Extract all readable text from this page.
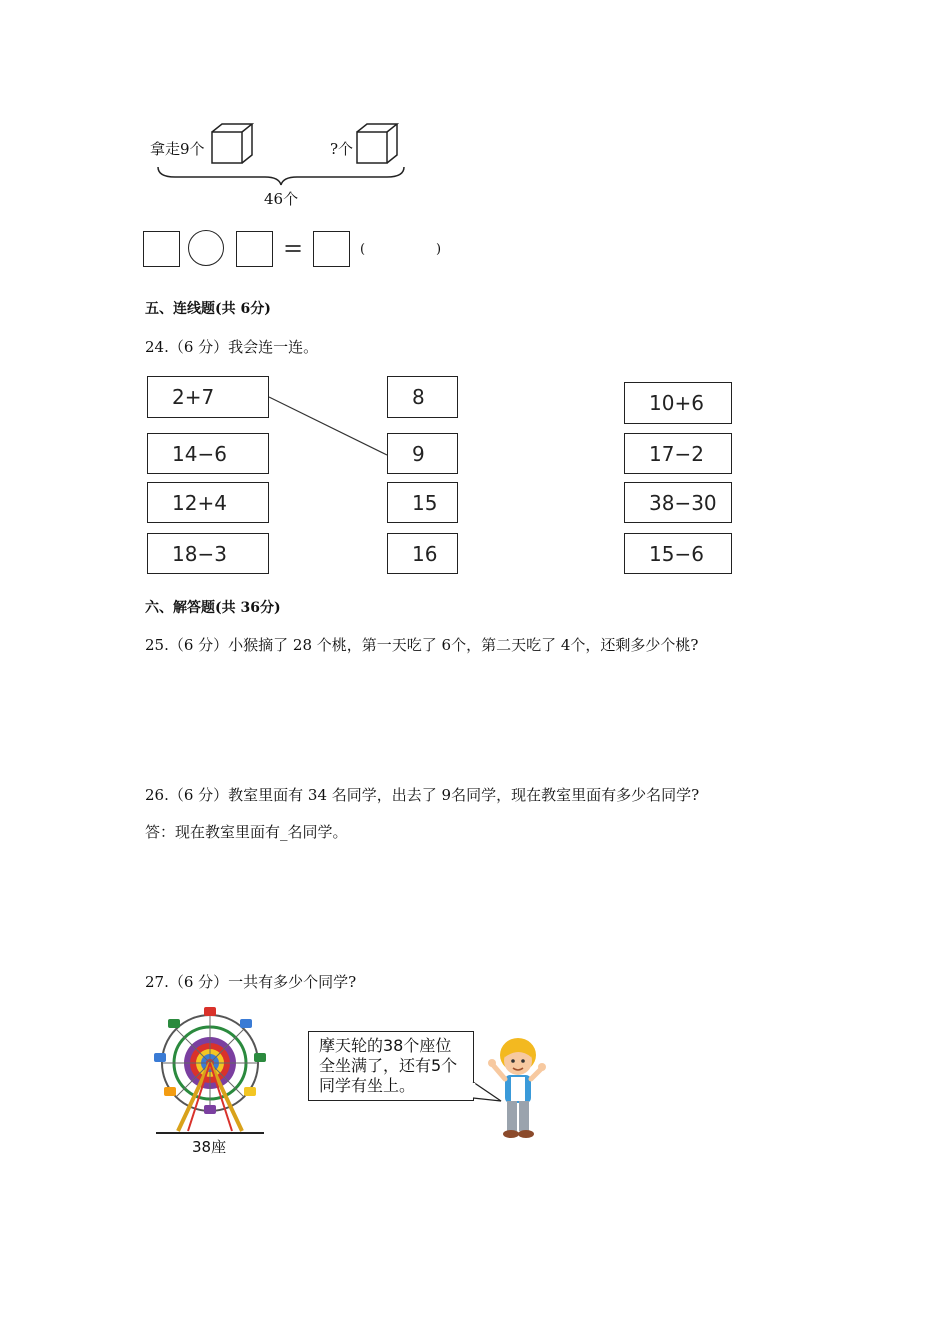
拿走9个	?个
46个
=	(	)
五、连线题(共 6分)
24.（6 分）我会连一连。
2+7
14−6
12+4
18−3
8
9
15
16
10+6
17−2
38−30
15−6
六、解答题(共 36分)
25.（6 分）小猴摘了 28 个桃，第一天吃了 6个，第二天吃了 4个，还剩多少个桃?
26.（6 分）教室里面有 34 名同学，出去了 9名同学，现在教室里面有多少名同学?
答：现在教室里面有_名同学。
27.（6 分）一共有多少个同学?
38座
摩天轮的38个座位
全坐满了，还有5个
同学有坐上。
